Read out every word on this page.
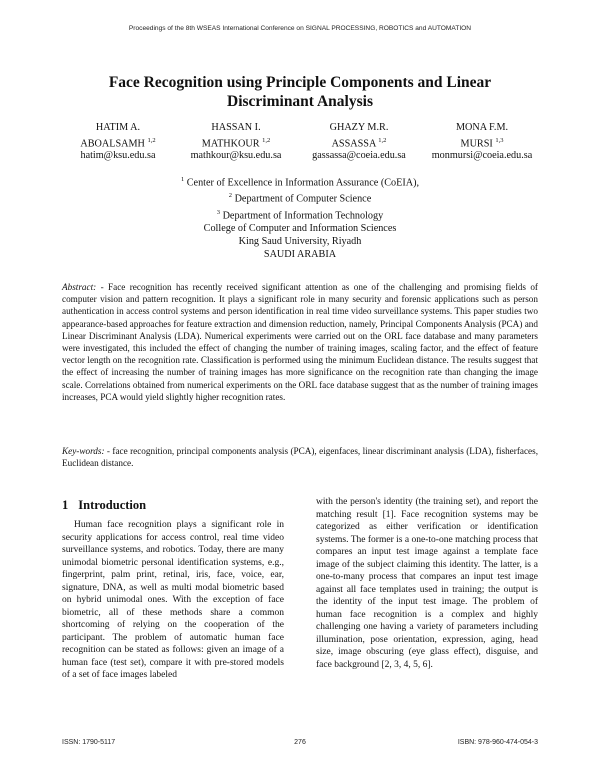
Proceedings of the 8th WSEAS International Conference on SIGNAL PROCESSING, ROBOTICS and AUTOMATION
Face Recognition using Principle Components and Linear
Discriminant Analysis
HATIM A.
ABOALSAMH $^{1,2}$
hatim@ksu.edu.sa
HASSAN I.
MATHKOUR $^{1,2}$
mathkour@ksu.edu.sa
GHAZY M.R.
ASSASSA $^{1,2}$
gassassa@coeia.edu.sa
MONA F.M.
MURSI $^{1,3}$
monmursi@coeia.edu.sa
$^1$ Center of Excellence in Information Assurance (CoEIA),
$^2$ Department of Computer Science
$^3$ Department of Information Technology
College of Computer and Information Sciences
King Saud University, Riyadh
SAUDI ARABIA
Abstract: - Face recognition has recently received significant attention as one of the challenging and promising fields of computer vision and pattern recognition. It plays a significant role in many security and forensic applications such as person authentication in access control systems and person identification in real time video surveillance systems. This paper studies two appearance-based approaches for feature extraction and dimension reduction, namely, Principal Components Analysis (PCA) and Linear Discriminant Analysis (LDA). Numerical experiments were carried out on the ORL face database and many parameters were investigated, this included the effect of changing the number of training images, scaling factor, and the effect of feature vector length on the recognition rate. Classification is performed using the minimum Euclidean distance. The results suggest that the effect of increasing the number of training images has more significance on the recognition rate than changing the image scale. Correlations obtained from numerical experiments on the ORL face database suggest that as the number of training images increases, PCA would yield slightly higher recognition rates.
Key-words: - face recognition, principal components analysis (PCA), eigenfaces, linear discriminant analysis (LDA), fisherfaces, Euclidean distance.
1 Introduction

Human face recognition plays a significant role in security applications for access control, real time video surveillance systems, and robotics. Today, there are many unimodal biometric personal identification systems, e.g., fingerprint, palm print, retinal, iris, face, voice, ear, signature, DNA, as well as multi modal biometric based on hybrid unimodal ones. With the exception of face biometric, all of these methods share a common shortcoming of relying on the cooperation of the participant. The problem of automatic human face recognition can be stated as follows: given an image of a human face (test set), compare it with pre-stored models of a set of face images labeled

with the person's identity (the training set), and report the matching result [1]. Face recognition systems may be categorized as either verification or identification systems. The former is a one-to-one matching process that compares an input test image against a template face image of the subject claiming this identity. The latter, is a one-to-many process that compares an input test image against all face templates used in training; the output is the identity of the input test image. The problem of human face recognition is a complex and highly challenging one having a variety of parameters including illumination, pose orientation, expression, aging, head size, image obscuring (eye glass effect), disguise, and face background [2, 3, 4, 5, 6].

ISSN: 1790-5117	276	ISBN: 978-960-474-054-3
